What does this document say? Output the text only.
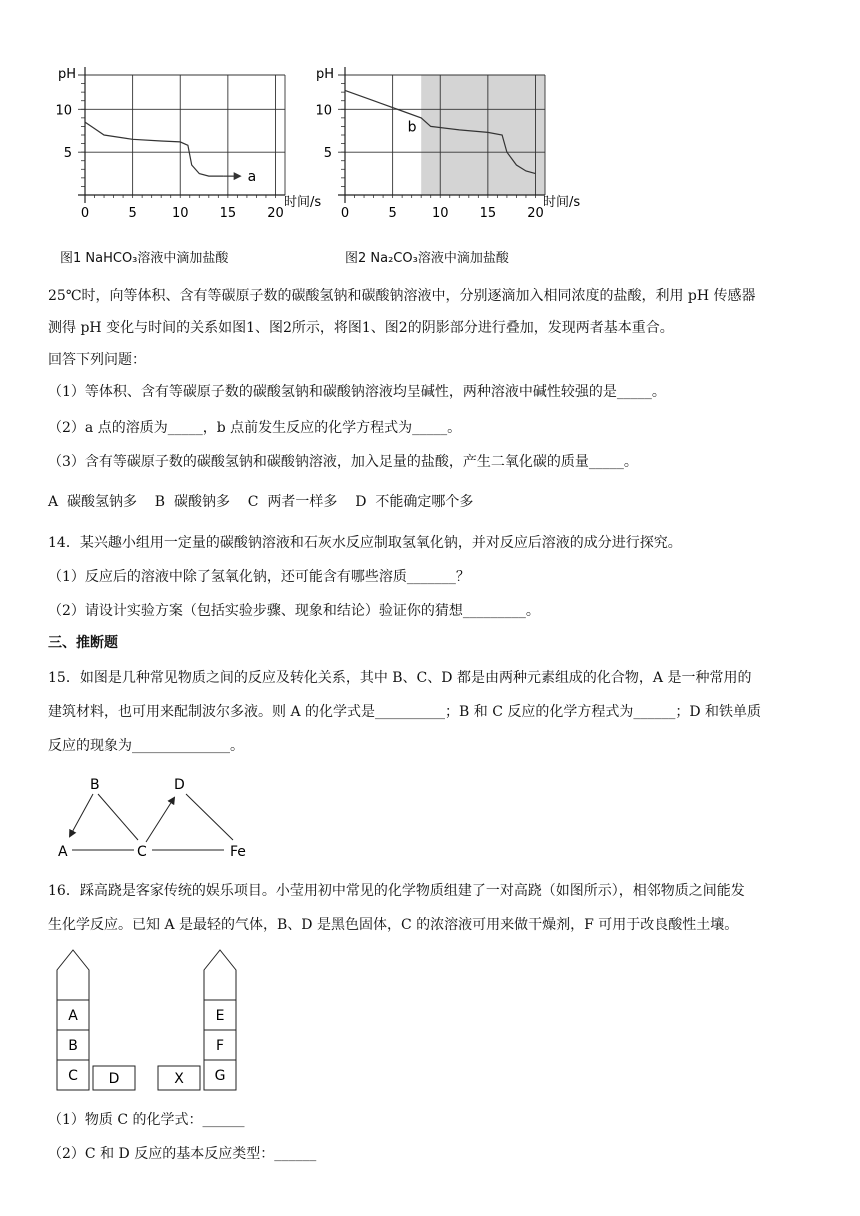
a
pH
10
5
0	5	10 15 20
时间/s
图1 NaHCO₃溶液中滴加盐酸
b
pH
10
5
0	5	10 15 20
时间/s
图2 Na₂CO₃溶液中滴加盐酸
25℃时，向等体积、含有等碳原子数的碳酸氢钠和碳酸钠溶液中，分别逐滴加入相同浓度的盐酸，利用 pH 传感器
测得 pH 变化与时间的关系如图1、图2所示，将图1、图2的阴影部分进行叠加，发现两者基本重合。
回答下列问题：
（1）等体积、含有等碳原子数的碳酸氢钠和碳酸钠溶液均呈碱性，两种溶液中碱性较强的是_____。
（2）a 点的溶质为_____，b 点前发生反应的化学方程式为_____。
（3）含有等碳原子数的碳酸氢钠和碳酸钠溶液，加入足量的盐酸，产生二氧化碳的质量_____。
A  碳酸氢钠多    B  碳酸钠多    C  两者一样多    D  不能确定哪个多
14．某兴趣小组用一定量的碳酸钠溶液和石灰水反应制取氢氧化钠，并对反应后溶液的成分进行探究。
（1）反应后的溶液中除了氢氧化钠，还可能含有哪些溶质_______？
（2）请设计实验方案（包括实验步骤、现象和结论）验证你的猜想_________。
三、推断题
15．如图是几种常见物质之间的反应及转化关系，其中 B、C、D 都是由两种元素组成的化合物，A 是一种常用的
建筑材料，也可用来配制波尔多液。则 A 的化学式是__________；B 和 C 反应的化学方程式为______；D 和铁单质
反应的现象为______________。
B
A	C
D
Fe
16．踩高跷是客家传统的娱乐项目。小莹用初中常见的化学物质组建了一对高跷（如图所示），相邻物质之间能发
生化学反应。已知 A 是最轻的气体，B、D 是黑色固体，C 的浓溶液可用来做干燥剂，F 可用于改良酸性土壤。
A
B
C D
E
F
G
X
（1）物质 C 的化学式：______
（2）C 和 D 反应的基本反应类型：______
